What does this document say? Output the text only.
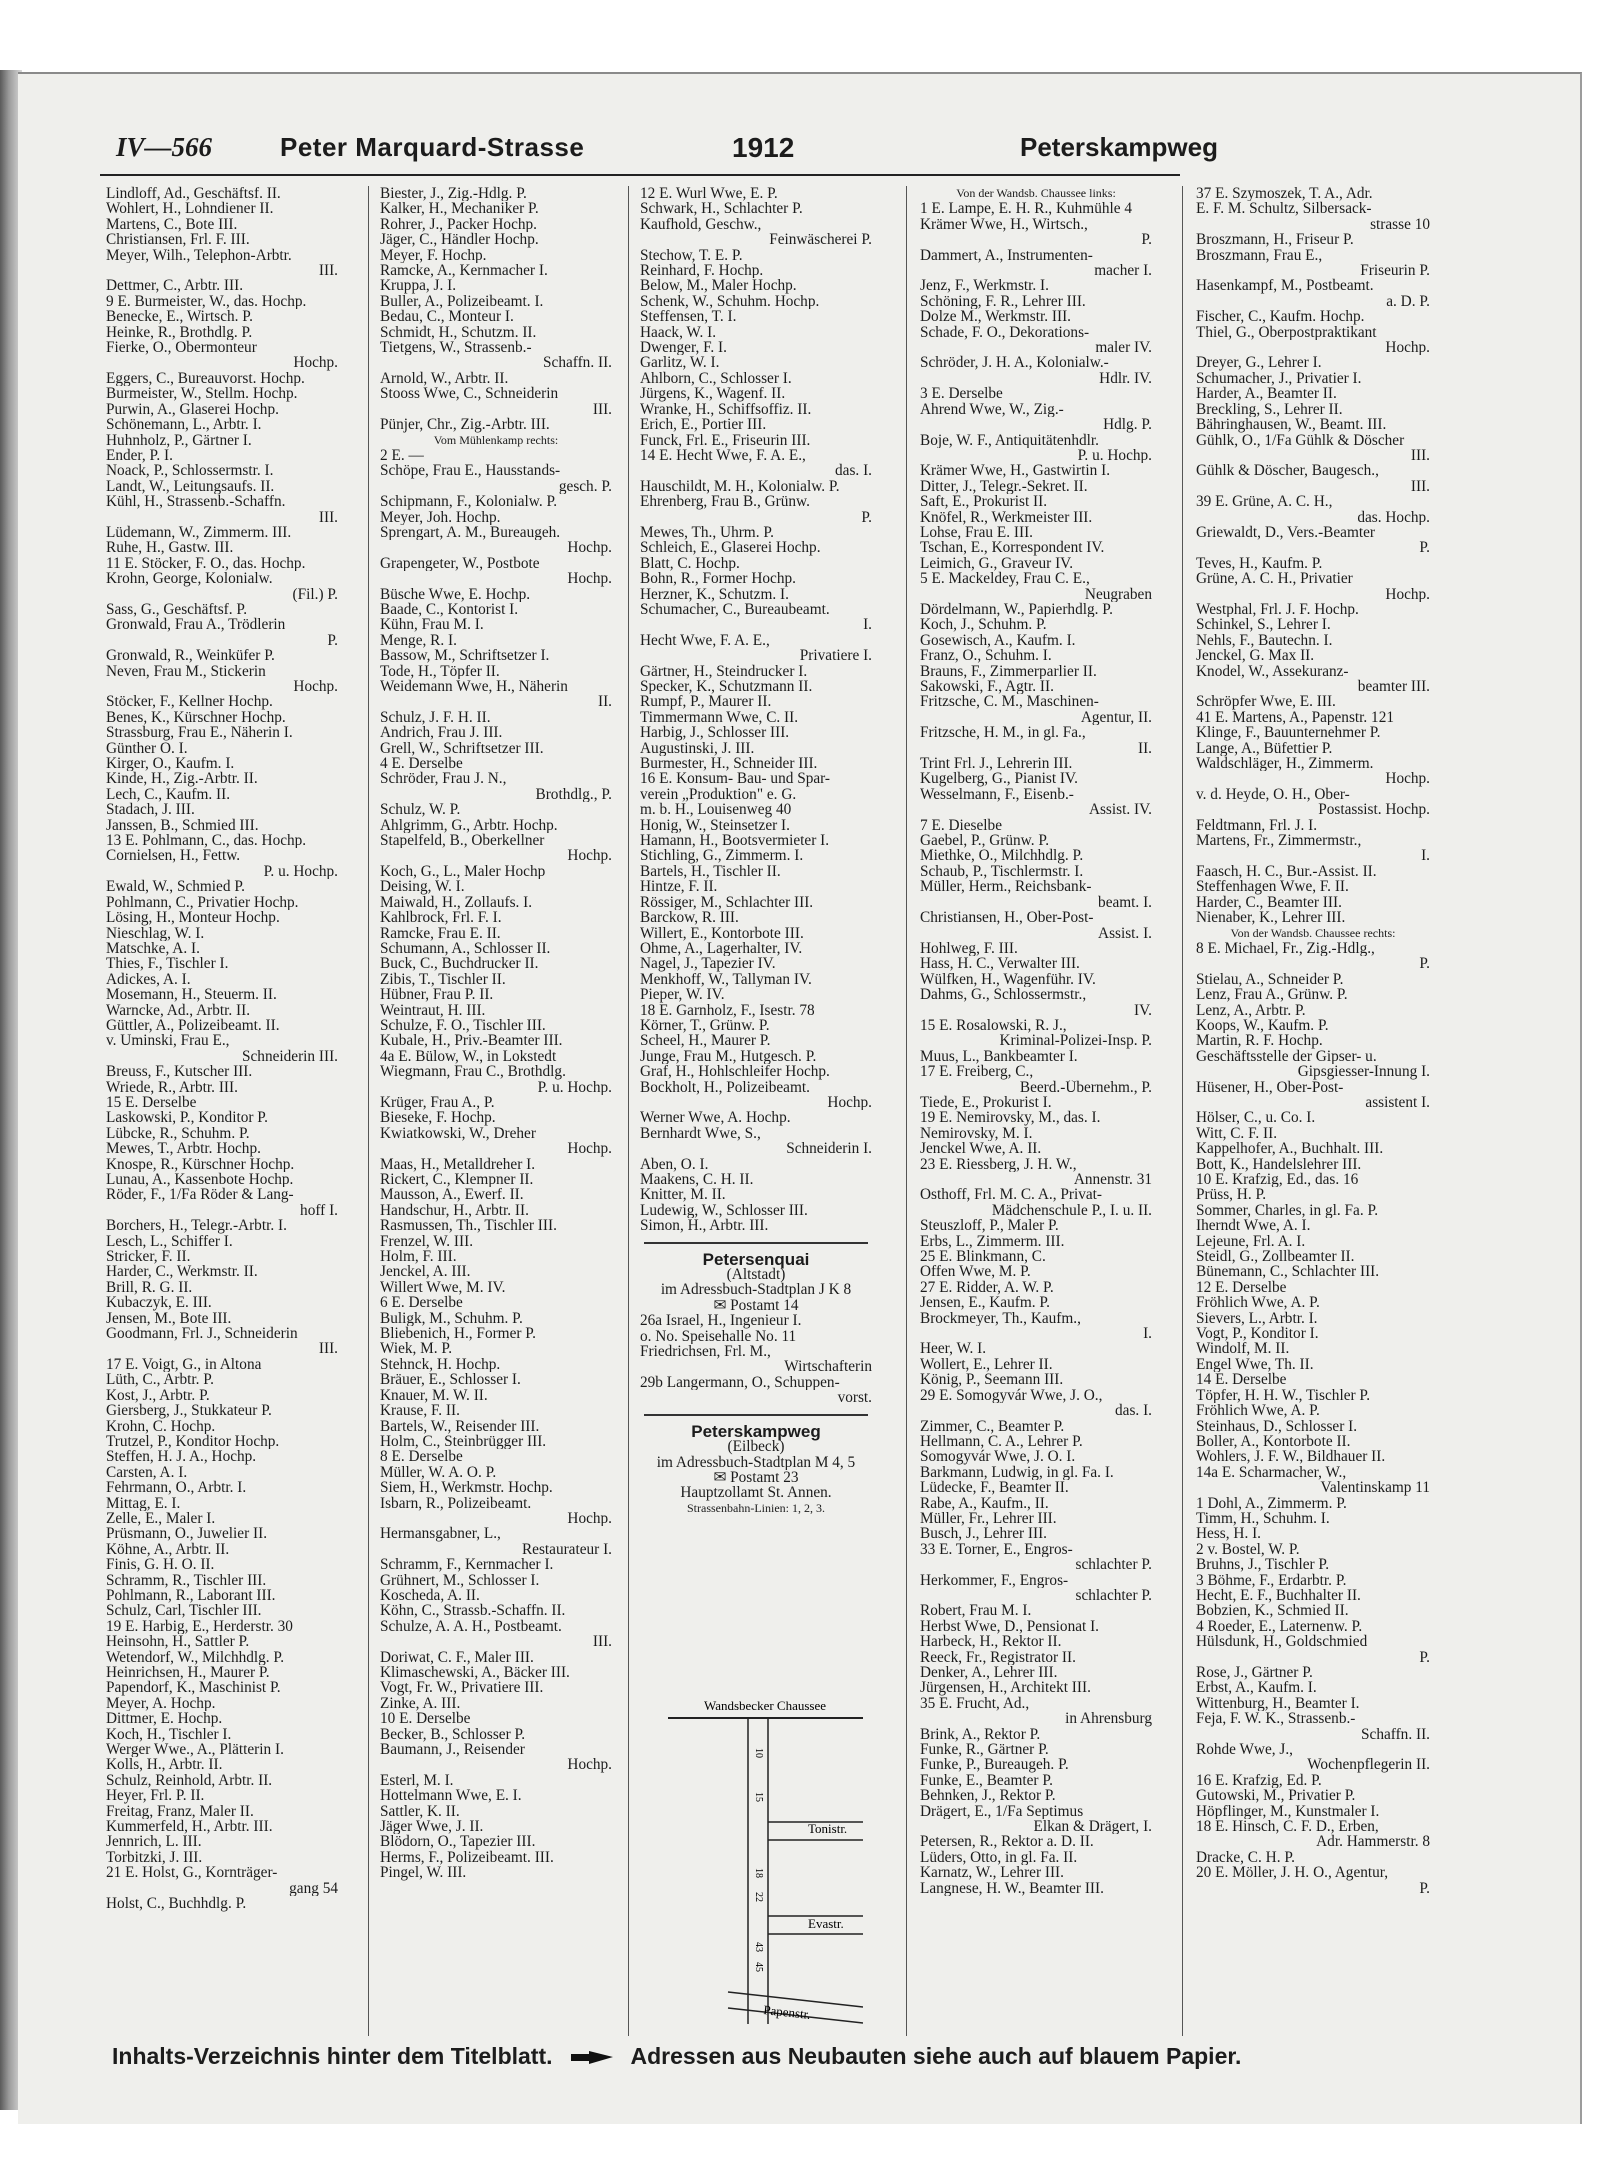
IV—566	Peter Marquard-Strasse	1912	Peterskampweg
Lindloff, Ad., Geschäftsf. II.
Wohlert, H., Lohndiener II.
Martens, C., Bote III.
Christiansen, Frl. F. III.
Meyer, Wilh., Telephon-Arbtr.
III.
Dettmer, C., Arbtr. III.
9 E. Burmeister, W., das. Hochp.
Benecke, E., Wirtsch. P.
Heinke, R., Brothdlg. P.
Fierke, O., Obermonteur
Hochp.
Eggers, C., Bureauvorst. Hochp.
Burmeister, W., Stellm. Hochp.
Purwin, A., Glaserei Hochp.
Schönemann, L., Arbtr. I.
Huhnholz, P., Gärtner I.
Ender, P. I.
Noack, P., Schlossermstr. I.
Landt, W., Leitungsaufs. II.
Kühl, H., Strassenb.-Schaffn.
III.
Lüdemann, W., Zimmerm. III.
Ruhe, H., Gastw. III.
11 E. Stöcker, F. O., das. Hochp.
Krohn, George, Kolonialw.
(Fil.) P.
Sass, G., Geschäftsf. P.
Gronwald, Frau A., Trödlerin
P.
Gronwald, R., Weinküfer P.
Neven, Frau M., Stickerin
Hochp.
Stöcker, F., Kellner Hochp.
Benes, K., Kürschner Hochp.
Strassburg, Frau E., Näherin I.
Günther O. I.
Kirger, O., Kaufm. I.
Kinde, H., Zig.-Arbtr. II.
Lech, C., Kaufm. II.
Stadach, J. III.
Janssen, B., Schmied III.
13 E. Pohlmann, C., das. Hochp.
Cornielsen, H., Fettw.
P. u. Hochp.
Ewald, W., Schmied P.
Pohlmann, C., Privatier Hochp.
Lösing, H., Monteur Hochp.
Nieschlag, W. I.
Matschke, A. I.
Thies, F., Tischler I.
Adickes, A. I.
Mosemann, H., Steuerm. II.
Warncke, Ad., Arbtr. II.
Güttler, A., Polizeibeamt. II.
v. Uminski, Frau E.,
Schneiderin III.
Breuss, F., Kutscher III.
Wriede, R., Arbtr. III.
15 E. Derselbe
Laskowski, P., Konditor P.
Lübcke, R., Schuhm. P.
Mewes, T., Arbtr. Hochp.
Knospe, R., Kürschner Hochp.
Lunau, A., Kassenbote Hochp.
Röder, F., 1/Fa Röder & Lang-
hoff I.
Borchers, H., Telegr.-Arbtr. I.
Lesch, L., Schiffer I.
Stricker, F. II.
Harder, C., Werkmstr. II.
Brill, R. G. II.
Kubaczyk, E. III.
Jensen, M., Bote III.
Goodmann, Frl. J., Schneiderin
III.
17 E. Voigt, G., in Altona
Lüth, C., Arbtr. P.
Kost, J., Arbtr. P.
Giersberg, J., Stukkateur P.
Krohn, C. Hochp.
Trutzel, P., Konditor Hochp.
Steffen, H. J. A., Hochp.
Carsten, A. I.
Fehrmann, O., Arbtr. I.
Mittag, E. I.
Zelle, E., Maler I.
Prüsmann, O., Juwelier II.
Köhne, A., Arbtr. II.
Finis, G. H. O. II.
Schramm, R., Tischler III.
Pohlmann, R., Laborant III.
Schulz, Carl, Tischler III.
19 E. Harbig, E., Herderstr. 30
Heinsohn, H., Sattler P.
Wetendorf, W., Milchhdlg. P.
Heinrichsen, H., Maurer P.
Papendorf, K., Maschinist P.
Meyer, A. Hochp.
Dittmer, E. Hochp.
Koch, H., Tischler I.
Werger Wwe., A., Plätterin I.
Kolls, H., Arbtr. II.
Schulz, Reinhold, Arbtr. II.
Heyer, Frl. P. II.
Freitag, Franz, Maler II.
Kummerfeld, H., Arbtr. III.
Jennrich, L. III.
Torbitzki, J. III.
21 E. Holst, G., Kornträger-
gang 54
Holst, C., Buchhdlg. P.
Biester, J., Zig.-Hdlg. P.
Kalker, H., Mechaniker P.
Rohrer, J., Packer Hochp.
Jäger, C., Händler Hochp.
Meyer, F. Hochp.
Ramcke, A., Kernmacher I.
Kruppa, J. I.
Buller, A., Polizeibeamt. I.
Bedau, C., Monteur I.
Schmidt, H., Schutzm. II.
Tietgens, W., Strassenb.-
Schaffn. II.
Arnold, W., Arbtr. II.
Stooss Wwe, C., Schneiderin
III.
Pünjer, Chr., Zig.-Arbtr. III.
Vom Mühlenkamp rechts:
2 E. —
Schöpe, Frau E., Hausstands-
gesch. P.
Schipmann, F., Kolonialw. P.
Meyer, Joh. Hochp.
Sprengart, A. M., Bureaugeh.
Hochp.
Grapengeter, W., Postbote
Hochp.
Büsche Wwe, E. Hochp.
Baade, C., Kontorist I.
Kühn, Frau M. I.
Menge, R. I.
Bassow, M., Schriftsetzer I.
Tode, H., Töpfer II.
Weidemann Wwe, H., Näherin
II.
Schulz, J. F. H. II.
Andrich, Frau J. III.
Grell, W., Schriftsetzer III.
4 E. Derselbe
Schröder, Frau J. N.,
Brothdlg., P.
Schulz, W. P.
Ahlgrimm, G., Arbtr. Hochp.
Stapelfeld, B., Oberkellner
Hochp.
Koch, G., L., Maler Hochp
Deising, W. I.
Maiwald, H., Zollaufs. I.
Kahlbrock, Frl. F. I.
Ramcke, Frau E. II.
Schumann, A., Schlosser II.
Buck, C., Buchdrucker II.
Zibis, T., Tischler II.
Hübner, Frau P. II.
Weintraut, H. III.
Schulze, F. O., Tischler III.
Kubale, H., Priv.-Beamter III.
4a E. Bülow, W., in Lokstedt
Wiegmann, Frau C., Brothdlg.
P. u. Hochp.
Krüger, Frau A., P.
Bieseke, F. Hochp.
Kwiatkowski, W., Dreher
Hochp.
Maas, H., Metalldreher I.
Rickert, C., Klempner II.
Mausson, A., Ewerf. II.
Handschur, H., Arbtr. II.
Rasmussen, Th., Tischler III.
Frenzel, W. III.
Holm, F. III.
Jenckel, A. III.
Willert Wwe, M. IV.
6 E. Derselbe
Buligk, M., Schuhm. P.
Bliebenich, H., Former P.
Wiek, M. P.
Stehnck, H. Hochp.
Bräuer, E., Schlosser I.
Knauer, M. W. II.
Krause, F. II.
Bartels, W., Reisender III.
Holm, C., Steinbrügger III.
8 E. Derselbe
Müller, W. A. O. P.
Siem, H., Werkmstr. Hochp.
Isbarn, R., Polizeibeamt.
Hochp.
Hermansgabner, L.,
Restaurateur I.
Schramm, F., Kernmacher I.
Grühnert, M., Schlosser I.
Koscheda, A. II.
Köhn, C., Strassb.-Schaffn. II.
Schulze, A. A. H., Postbeamt.
III.
Doriwat, C. F., Maler III.
Klimaschewski, A., Bäcker III.
Vogt, Fr. W., Privatiere III.
Zinke, A. III.
10 E. Derselbe
Becker, B., Schlosser P.
Baumann, J., Reisender
Hochp.
Esterl, M. I.
Hottelmann Wwe, E. I.
Sattler, K. II.
Jäger Wwe, J. II.
Blödorn, O., Tapezier III.
Herms, F., Polizeibeamt. III.
Pingel, W. III.
12 E. Wurl Wwe, E. P.
Schwark, H., Schlachter P.
Kaufhold, Geschw.,
Feinwäscherei P.
Stechow, T. E. P.
Reinhard, F. Hochp.
Below, M., Maler Hochp.
Schenk, W., Schuhm. Hochp.
Steffensen, T. I.
Haack, W. I.
Dwenger, F. I.
Garlitz, W. I.
Ahlborn, C., Schlosser I.
Jürgens, K., Wagenf. II.
Wranke, H., Schiffsoffiz. II.
Erich, E., Portier III.
Funck, Frl. E., Friseurin III.
14 E. Hecht Wwe, F. A. E.,
das. I.
Hauschildt, M. H., Kolonialw. P.
Ehrenberg, Frau B., Grünw.
P.
Mewes, Th., Uhrm. P.
Schleich, E., Glaserei Hochp.
Blatt, C. Hochp.
Bohn, R., Former Hochp.
Herzner, K., Schutzm. I.
Schumacher, C., Bureaubeamt.
I.
Hecht Wwe, F. A. E.,
Privatiere I.
Gärtner, H., Steindrucker I.
Specker, K., Schutzmann II.
Rumpf, P., Maurer II.
Timmermann Wwe, C. II.
Harbig, J., Schlosser III.
Augustinski, J. III.
Burmester, H., Schneider III.
16 E. Konsum- Bau- und Spar-
verein „Produktion" e. G.
m. b. H., Louisenweg 40
Honig, W., Steinsetzer I.
Hamann, H., Bootsvermieter I.
Stichling, G., Zimmerm. I.
Bartels, H., Tischler II.
Hintze, F. II.
Rössiger, M., Schlachter III.
Barckow, R. III.
Willert, E., Kontorbote III.
Ohme, A., Lagerhalter, IV.
Nagel, J., Tapezier IV.
Menkhoff, W., Tallyman IV.
Pieper, W. IV.
18 E. Garnholz, F., Isestr. 78
Körner, T., Grünw. P.
Scheel, H., Maurer P.
Junge, Frau M., Hutgesch. P.
Graf, H., Hohlschleifer Hochp.
Bockholt, H., Polizeibeamt.
Hochp.
Werner Wwe, A. Hochp.
Bernhardt Wwe, S.,
Schneiderin I.
Aben, O. I.
Maakens, C. H. II.
Knitter, M. II.
Ludewig, W., Schlosser III.
Simon, H., Arbtr. III.
Petersenquai
(Altstadt)
im Adressbuch-Stadtplan J K 8
✉ Postamt 14
26a Israel, H., Ingenieur I.
o. No. Speisehalle No. 11
Friedrichsen, Frl. M.,
Wirtschafterin
29b Langermann, O., Schuppen-
vorst.
Peterskampweg
(Eilbeck)
im Adressbuch-Stadtplan M 4, 5
✉ Postamt 23
Hauptzollamt St. Annen.
Strassenbahn-Linien: 1, 2, 3.
Von der Wandsb. Chaussee links:
1 E. Lampe, E. H. R., Kuhmühle 4
Krämer Wwe, H., Wirtsch.,
P.
Dammert, A., Instrumenten-
macher I.
Jenz, F., Werkmstr. I.
Schöning, F. R., Lehrer III.
Dolze M., Werkmstr. III.
Schade, F. O., Dekorations-
maler IV.
Schröder, J. H. A., Kolonialw.-
Hdlr. IV.
3 E. Derselbe
Ahrend Wwe, W., Zig.-
Hdlg. P.
Boje, W. F., Antiquitätenhdlr.
P. u. Hochp.
Krämer Wwe, H., Gastwirtin I.
Ditter, J., Telegr.-Sekret. II.
Saft, E., Prokurist II.
Knöfel, R., Werkmeister III.
Lohse, Frau E. III.
Tschan, E., Korrespondent IV.
Leimich, G., Graveur IV.
5 E. Mackeldey, Frau C. E.,
Neugraben
Dördelmann, W., Papierhdlg. P.
Koch, J., Schuhm. P.
Gosewisch, A., Kaufm. I.
Franz, O., Schuhm. I.
Brauns, F., Zimmerparlier II.
Sakowski, F., Agtr. II.
Fritzsche, C. M., Maschinen-
Agentur, II.
Fritzsche, H. M., in gl. Fa.,
II.
Trint Frl. J., Lehrerin III.
Kugelberg, G., Pianist IV.
Wesselmann, F., Eisenb.-
Assist. IV.
7 E. Dieselbe
Gaebel, P., Grünw. P.
Miethke, O., Milchhdlg. P.
Schaub, P., Tischlermstr. I.
Müller, Herm., Reichsbank-
beamt. I.
Christiansen, H., Ober-Post-
Assist. I.
Hohlweg, F. III.
Hass, H. C., Verwalter III.
Wülfken, H., Wagenführ. IV.
Dahms, G., Schlossermstr.,
IV.
15 E. Rosalowski, R. J.,
Kriminal-Polizei-Insp. P.
Muus, L., Bankbeamter I.
17 E. Freiberg, C.,
Beerd.-Übernehm., P.
Tiede, E., Prokurist I.
19 E. Nemirovsky, M., das. I.
Nemirovsky, M. I.
Jenckel Wwe, A. II.
23 E. Riessberg, J. H. W.,
Annenstr. 31
Osthoff, Frl. M. C. A., Privat-
Mädchenschule P., I. u. II.
Steuszloff, P., Maler P.
Erbs, L., Zimmerm. III.
25 E. Blinkmann, C.
Offen Wwe, M. P.
27 E. Ridder, A. W. P.
Jensen, E., Kaufm. P.
Brockmeyer, Th., Kaufm.,
I.
Heer, W. I.
Wollert, E., Lehrer II.
König, P., Seemann III.
29 E. Somogyvár Wwe, J. O.,
das. I.
Zimmer, C., Beamter P.
Hellmann, C. A., Lehrer P.
Somogyvár Wwe, J. O. I.
Barkmann, Ludwig, in gl. Fa. I.
Lüdecke, F., Beamter II.
Rabe, A., Kaufm., II.
Müller, Fr., Lehrer III.
Busch, J., Lehrer III.
33 E. Torner, E., Engros-
schlachter P.
Herkommer, F., Engros-
schlachter P.
Robert, Frau M. I.
Herbst Wwe, D., Pensionat I.
Harbeck, H., Rektor II.
Reeck, Fr., Registrator II.
Denker, A., Lehrer III.
Jürgensen, H., Architekt III.
35 E. Frucht, Ad.,
in Ahrensburg
Brink, A., Rektor P.
Funke, R., Gärtner P.
Funke, P., Bureaugeh. P.
Funke, E., Beamter P.
Behnken, J., Rektor P.
Drägert, E., 1/Fa Septimus
Elkan & Drägert, I.
Petersen, R., Rektor a. D. II.
Lüders, Otto, in gl. Fa. II.
Karnatz, W., Lehrer III.
Langnese, H. W., Beamter III.
37 E. Szymoszek, T. A., Adr.
E. F. M. Schultz, Silbersack-
strasse 10
Broszmann, H., Friseur P.
Broszmann, Frau E.,
Friseurin P.
Hasenkampf, M., Postbeamt.
a. D. P.
Fischer, C., Kaufm. Hochp.
Thiel, G., Oberpostpraktikant
Hochp.
Dreyer, G., Lehrer I.
Schumacher, J., Privatier I.
Harder, A., Beamter II.
Breckling, S., Lehrer II.
Bähringhausen, W., Beamt. III.
Gühlk, O., 1/Fa Gühlk & Döscher
III.
Gühlk & Döscher, Baugesch.,
III.
39 E. Grüne, A. C. H.,
das. Hochp.
Griewaldt, D., Vers.-Beamter
P.
Teves, H., Kaufm. P.
Grüne, A. C. H., Privatier
Hochp.
Westphal, Frl. J. F. Hochp.
Schinkel, S., Lehrer I.
Nehls, F., Bautechn. I.
Jenckel, G. Max II.
Knodel, W., Assekuranz-
beamter III.
Schröpfer Wwe, E. III.
41 E. Martens, A., Papenstr. 121
Klinge, F., Bauunternehmer P.
Lange, A., Büfettier P.
Waldschläger, H., Zimmerm.
Hochp.
v. d. Heyde, O. H., Ober-
Postassist. Hochp.
Feldtmann, Frl. J. I.
Martens, Fr., Zimmermstr.,
I.
Faasch, H. C., Bur.-Assist. II.
Steffenhagen Wwe, F. II.
Harder, C., Beamter III.
Nienaber, K., Lehrer III.
Von der Wandsb. Chaussee rechts:
8 E. Michael, Fr., Zig.-Hdlg.,
P.
Stielau, A., Schneider P.
Lenz, Frau A., Grünw. P.
Lenz, A., Arbtr. P.
Koops, W., Kaufm. P.
Martin, R. F. Hochp.
Geschäftsstelle der Gipser- u.
Gipsgiesser-Innung I.
Hüsener, H., Ober-Post-
assistent I.
Hölser, C., u. Co. I.
Witt, C. F. II.
Kappelhofer, A., Buchhalt. III.
Bott, K., Handelslehrer III.
10 E. Krafzig, Ed., das. 16
Prüss, H. P.
Sommer, Charles, in gl. Fa. P.
Iherndt Wwe, A. I.
Lejeune, Frl. A. I.
Steidl, G., Zollbeamter II.
Bünemann, C., Schlachter III.
12 E. Derselbe
Fröhlich Wwe, A. P.
Sievers, L., Arbtr. I.
Vogt, P., Konditor I.
Windolf, M. II.
Engel Wwe, Th. II.
14 E. Derselbe
Töpfer, H. H. W., Tischler P.
Fröhlich Wwe, A. P.
Steinhaus, D., Schlosser I.
Boller, A., Kontorbote II.
Wohlers, J. F. W., Bildhauer II.
14a E. Scharmacher, W.,
Valentinskamp 11
1 Dohl, A., Zimmerm. P.
Timm, H., Schuhm. I.
Hess, H. I.
2 v. Bostel, W. P.
Bruhns, J., Tischler P.
3 Böhme, F., Erdarbtr. P.
Hecht, E. F., Buchhalter II.
Bobzien, K., Schmied II.
4 Roeder, E., Laternenw. P.
Hülsdunk, H., Goldschmied
P.
Rose, J., Gärtner P.
Erbst, A., Kaufm. I.
Wittenburg, H., Beamter I.
Feja, F. W. K., Strassenb.-
Schaffn. II.
Rohde Wwe, J.,
Wochenpflegerin II.
16 E. Krafzig, Ed. P.
Gutowski, M., Privatier P.
Höpflinger, M., Kunstmaler I.
18 E. Hinsch, C. F. D., Erben,
Adr. Hammerstr. 8
Dracke, C. H. P.
20 E. Möller, J. H. O., Agentur,
P.
Wandsbecker Chaussee
Tonistr.
Evastr.
Papenstr.
10
15
18
22
43
45
Inhalts-Verzeichnis hinter dem Titelblatt.	Adressen aus Neubauten siehe auch auf blauem Papier.
